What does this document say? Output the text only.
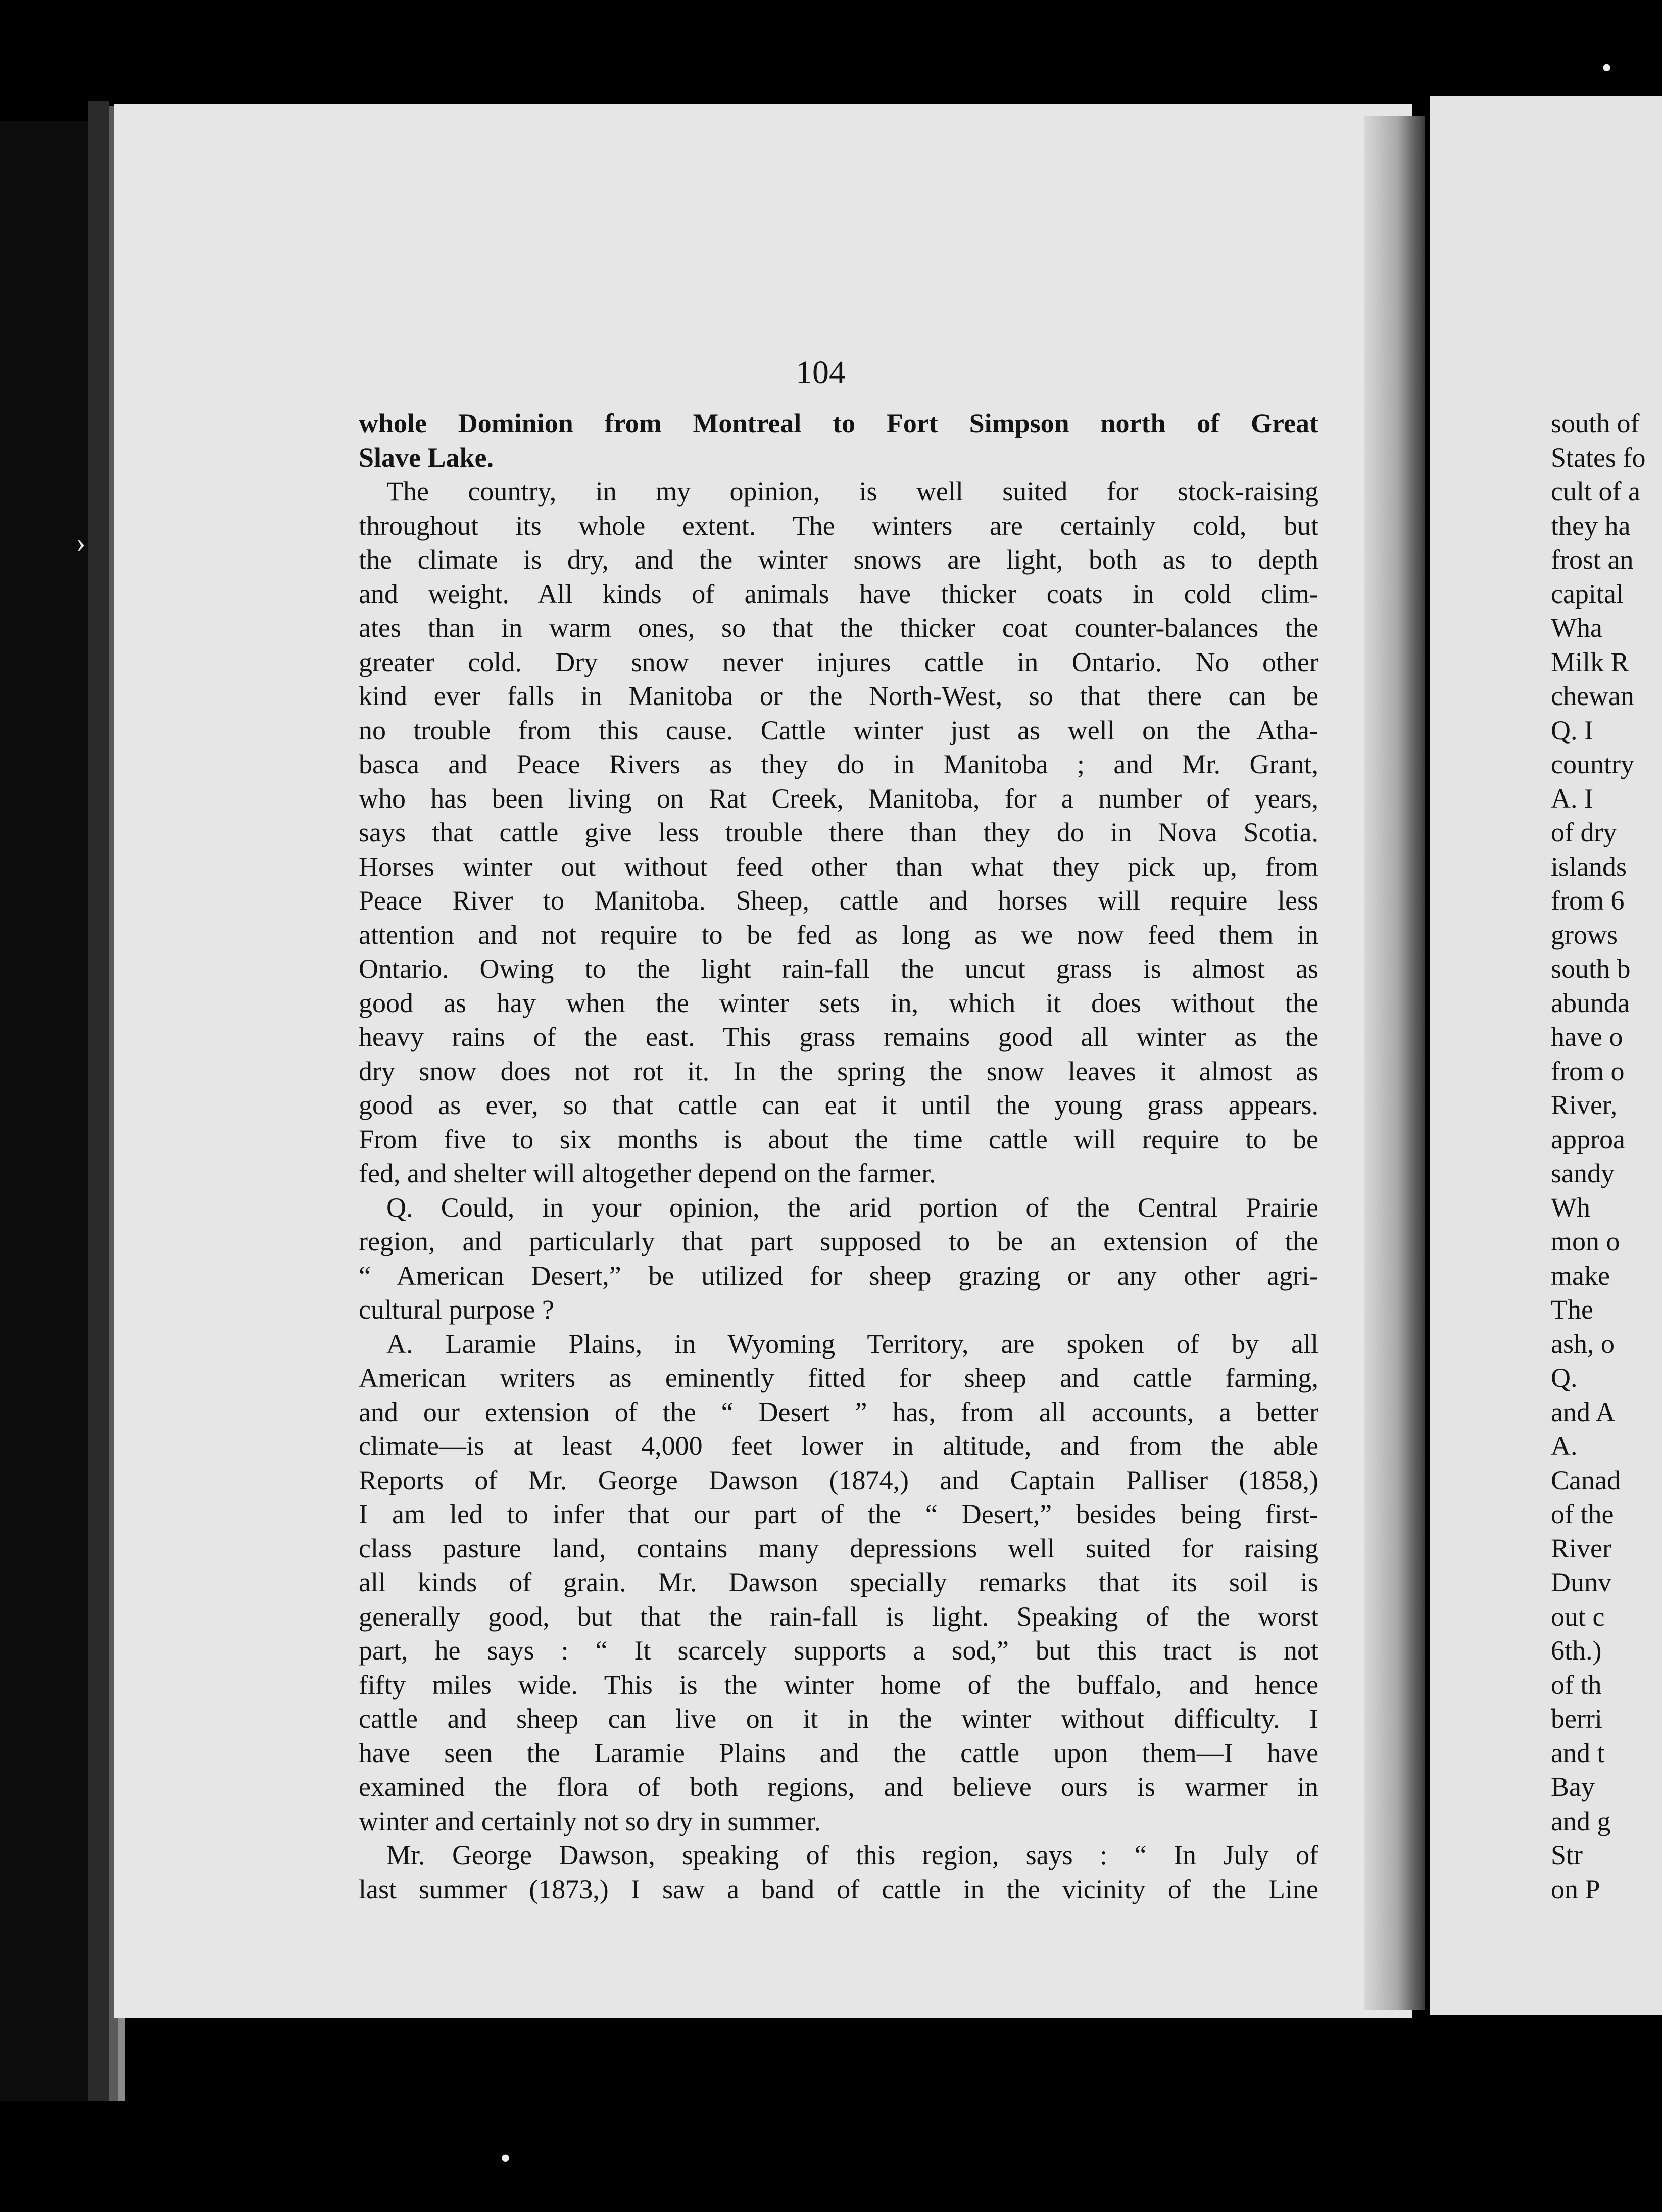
104

whole Dominion from Montreal to Fort Simpson north of Great

Slave Lake.

The country, in my opinion, is well suited for stock-raising

throughout its whole extent. The winters are certainly cold, but

the climate is dry, and the winter snows are light, both as to depth

and weight. All kinds of animals have thicker coats in cold clim-

ates than in warm ones, so that the thicker coat counter-balances the

greater cold. Dry snow never injures cattle in Ontario. No other

kind ever falls in Manitoba or the North-West, so that there can be

no trouble from this cause. Cattle winter just as well on the Atha-

basca and Peace Rivers as they do in Manitoba ; and Mr. Grant,

who has been living on Rat Creek, Manitoba, for a number of years,

says that cattle give less trouble there than they do in Nova Scotia.

Horses winter out without feed other than what they pick up, from

Peace River to Manitoba. Sheep, cattle and horses will require less

attention and not require to be fed as long as we now feed them in

Ontario. Owing to the light rain-fall the uncut grass is almost as

good as hay when the winter sets in, which it does without the

heavy rains of the east. This grass remains good all winter as the

dry snow does not rot it. In the spring the snow leaves it almost as

good as ever, so that cattle can eat it until the young grass appears.

From five to six months is about the time cattle will require to be

fed, and shelter will altogether depend on the farmer.

Q. Could, in your opinion, the arid portion of the Central Prairie

region, and particularly that part supposed to be an extension of the

“ American Desert,” be utilized for sheep grazing or any other agri-

cultural purpose ?

A. Laramie Plains, in Wyoming Territory, are spoken of by all

American writers as eminently fitted for sheep and cattle farming,

and our extension of the “ Desert ” has, from all accounts, a better

climate—is at least 4,000 feet lower in altitude, and from the able

Reports of Mr. George Dawson (1874,) and Captain Palliser (1858,)

I am led to infer that our part of the “ Desert,” besides being first-

class pasture land, contains many depressions well suited for raising

all kinds of grain. Mr. Dawson specially remarks that its soil is

generally good, but that the rain-fall is light. Speaking of the worst

part, he says : “ It scarcely supports a sod,” but this tract is not

fifty miles wide. This is the winter home of the buffalo, and hence

cattle and sheep can live on it in the winter without difficulty. I

have seen the Laramie Plains and the cattle upon them—I have

examined the flora of both regions, and believe ours is warmer in

winter and certainly not so dry in summer.

Mr. George Dawson, speaking of this region, says : “ In July of

last summer (1873,) I saw a band of cattle in the vicinity of the Line

south of
States fo
cult of a
they ha
frost an
capital
Wha
Milk R
chewan
Q. I
country
A. I
of dry
islands
from 6
grows
south b
abunda
have o
from o
River,
approa
sandy
Wh
mon o
make
The
ash, o
Q.
and A
A.
Canad
of the
River
Dunv
out c
6th.)
of th
berri
and t
Bay
and g
Str
on P
›
•
•
